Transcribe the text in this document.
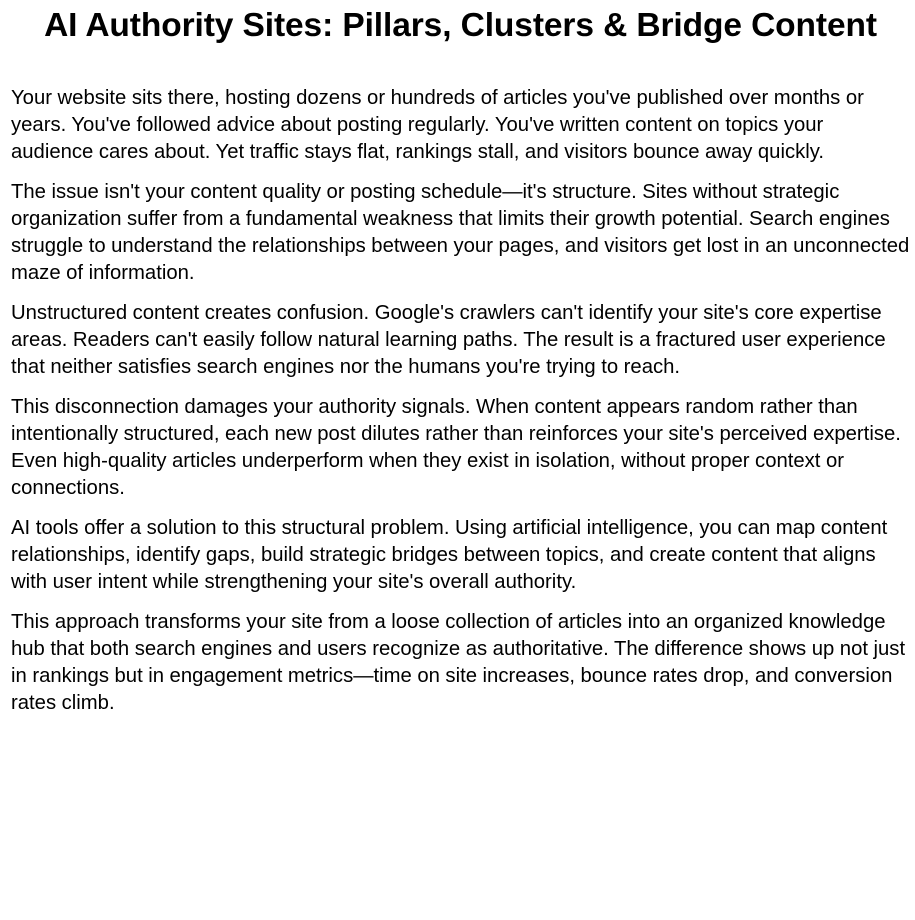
AI Authority Sites: Pillars, Clusters & Bridge Content

Your website sits there, hosting dozens or hundreds of articles you've published over months or years. You've followed advice about posting regularly. You've written content on topics your audience cares about. Yet traffic stays flat, rankings stall, and visitors bounce away quickly.

The issue isn't your content quality or posting schedule—it's structure. Sites without strategic organization suffer from a fundamental weakness that limits their growth potential. Search engines struggle to understand the relationships between your pages, and visitors get lost in an unconnected maze of information.

Unstructured content creates confusion. Google's crawlers can't identify your site's core expertise areas. Readers can't easily follow natural learning paths. The result is a fractured user experience that neither satisfies search engines nor the humans you're trying to reach.

This disconnection damages your authority signals. When content appears random rather than intentionally structured, each new post dilutes rather than reinforces your site's perceived expertise. Even high-quality articles underperform when they exist in isolation, without proper context or connections.

AI tools offer a solution to this structural problem. Using artificial intelligence, you can map content relationships, identify gaps, build strategic bridges between topics, and create content that aligns with user intent while strengthening your site's overall authority.

This approach transforms your site from a loose collection of articles into an organized knowledge hub that both search engines and users recognize as authoritative. The difference shows up not just in rankings but in engagement metrics—time on site increases, bounce rates drop, and conversion rates climb.
